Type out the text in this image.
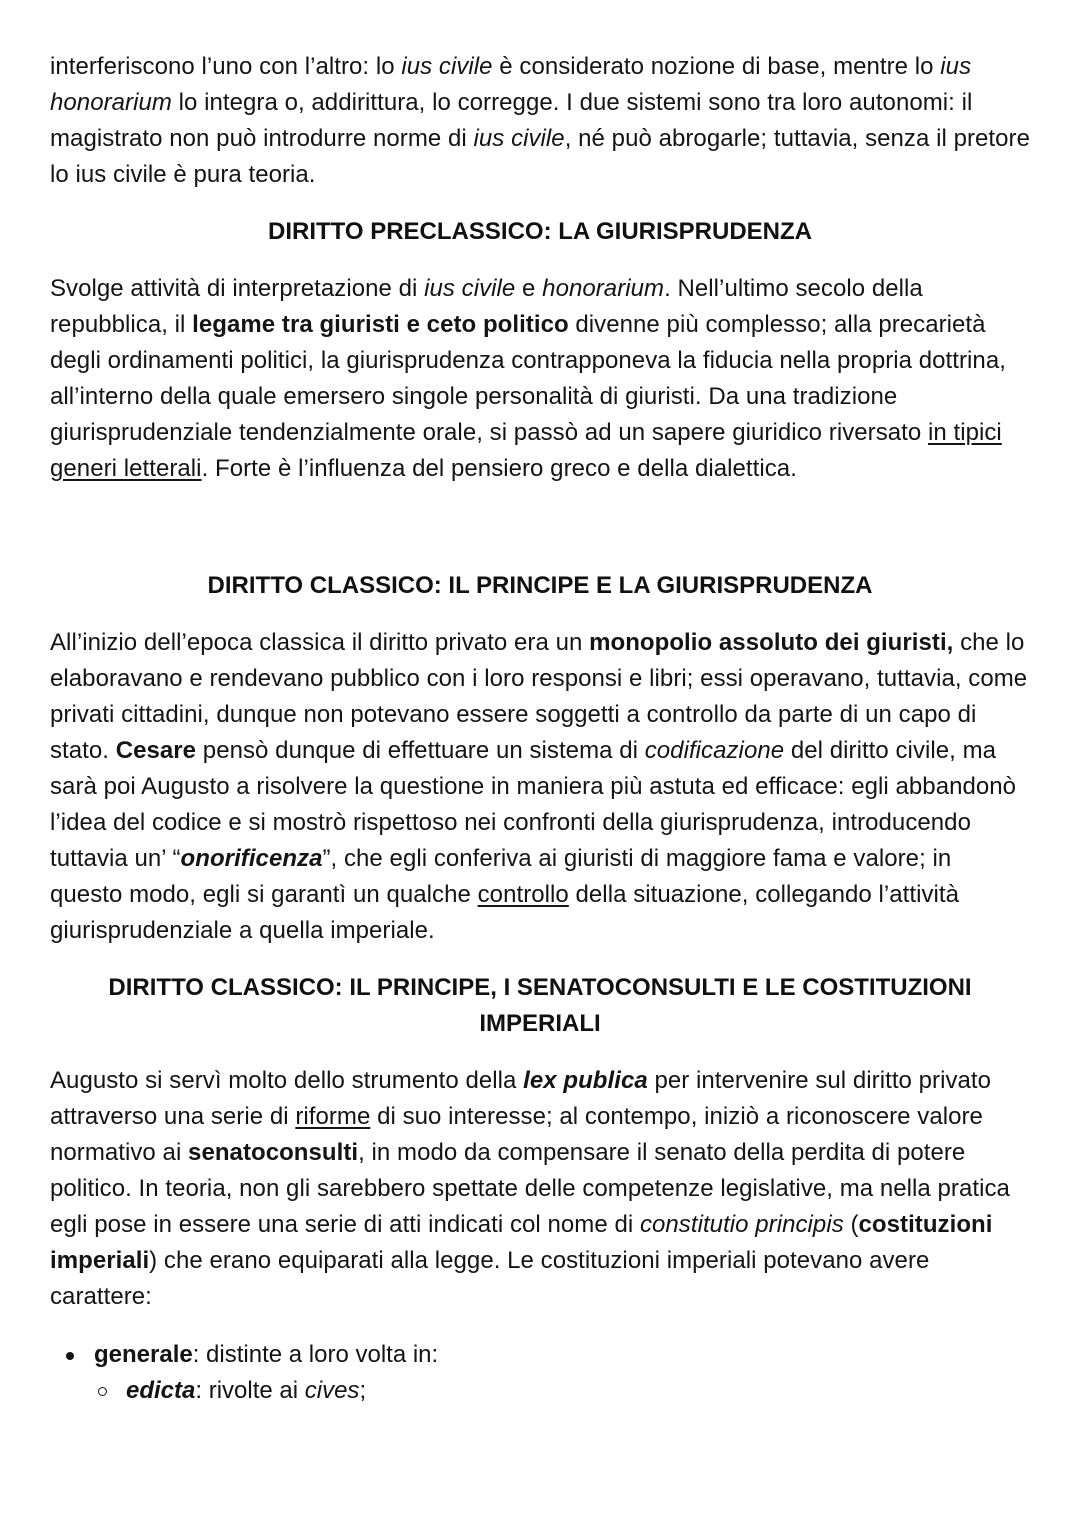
interferiscono l’uno con l’altro: lo ius civile è considerato nozione di base, mentre lo ius honorarium lo integra o, addirittura, lo corregge. I due sistemi sono tra loro autonomi: il magistrato non può introdurre norme di ius civile, né può abrogarle; tuttavia, senza il pretore lo ius civile è pura teoria.

DIRITTO PRECLASSICO: LA GIURISPRUDENZA

Svolge attività di interpretazione di ius civile e honorarium. Nell’ultimo secolo della repubblica, il legame tra giuristi e ceto politico divenne più complesso; alla precarietà degli ordinamenti politici, la giurisprudenza contrapponeva la fiducia nella propria dottrina, all’interno della quale emersero singole personalità di giuristi. Da una tradizione giurisprudenziale tendenzialmente orale, si passò ad un sapere giuridico riversato in tipici generi letterali. Forte è l’influenza del pensiero greco e della dialettica.

DIRITTO CLASSICO: IL PRINCIPE E LA GIURISPRUDENZA

All’inizio dell’epoca classica il diritto privato era un monopolio assoluto dei giuristi, che lo elaboravano e rendevano pubblico con i loro responsi e libri; essi operavano, tuttavia, come privati cittadini, dunque non potevano essere soggetti a controllo da parte di un capo di stato. Cesare pensò dunque di effettuare un sistema di codificazione del diritto civile, ma sarà poi Augusto a risolvere la questione in maniera più astuta ed efficace: egli abbandonò l’idea del codice e si mostrò rispettoso nei confronti della giurisprudenza, introducendo tuttavia un’ “onorificenza”, che egli conferiva ai giuristi di maggiore fama e valore; in questo modo, egli si garantì un qualche controllo della situazione, collegando l’attività giurisprudenziale a quella imperiale.

DIRITTO CLASSICO: IL PRINCIPE, I SENATOCONSULTI E LE COSTITUZIONI
IMPERIALI

Augusto si servì molto dello strumento della lex publica per intervenire sul diritto privato attraverso una serie di riforme di suo interesse; al contempo, iniziò a riconoscere valore normativo ai senatoconsulti, in modo da compensare il senato della perdita di potere politico. In teoria, non gli sarebbero spettate delle competenze legislative, ma nella pratica egli pose in essere una serie di atti indicati col nome di constitutio principis (costituzioni imperiali) che erano equiparati alla legge. Le costituzioni imperiali potevano avere carattere:

generale: distinte a loro volta in:
edicta: rivolte ai cives;
